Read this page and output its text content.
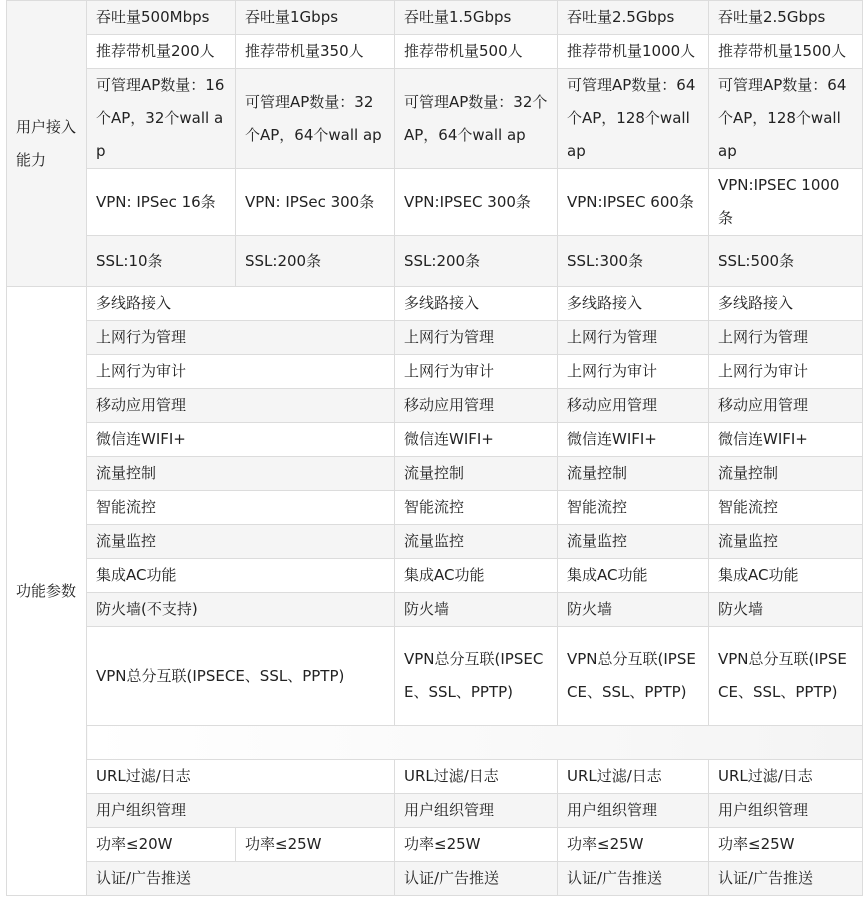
用户接入能力	吞吐量500Mbps	吞吐量1Gbps	吞吐量1.5Gbps	吞吐量2.5Gbps	吞吐量2.5Gbps
	推荐带机量200人	推荐带机量350人	推荐带机量500人	推荐带机量1000人	推荐带机量1500人
	可管理AP数量：16个AP，32个wall ap	可管理AP数量：32个AP，64个wall ap	可管理AP数量：32个AP，64个wall ap	可管理AP数量：64个AP，128个wall ap	可管理AP数量：64个AP，128个wall ap
	VPN: IPSec 16条	VPN: IPSec 300条	VPN:IPSEC 300条	VPN:IPSEC 600条	VPN:IPSEC 1000条
	SSL:10条	SSL:200条	SSL:200条	SSL:300条	SSL:500条
功能参数	多线路接入		多线路接入	多线路接入	多线路接入
	上网行为管理		上网行为管理	上网行为管理	上网行为管理
	上网行为审计		上网行为审计	上网行为审计	上网行为审计
	移动应用管理		移动应用管理	移动应用管理	移动应用管理
	微信连WIFI+		微信连WIFI+	微信连WIFI+	微信连WIFI+
	流量控制		流量控制	流量控制	流量控制
	智能流控		智能流控	智能流控	智能流控
	流量监控		流量监控	流量监控	流量监控
	集成AC功能		集成AC功能	集成AC功能	集成AC功能
	防火墙(不支持)		防火墙	防火墙	防火墙
	VPN总分互联(IPSECE、SSL、PPTP)		VPN总分互联(IPSECE、SSL、PPTP)	VPN总分互联(IPSECE、SSL、PPTP)	VPN总分互联(IPSECE、SSL、PPTP)

	URL过滤/日志		URL过滤/日志	URL过滤/日志	URL过滤/日志
	用户组织管理		用户组织管理	用户组织管理	用户组织管理
	功率≤20W	功率≤25W	功率≤25W	功率≤25W	功率≤25W
	认证/广告推送		认证/广告推送	认证/广告推送	认证/广告推送
